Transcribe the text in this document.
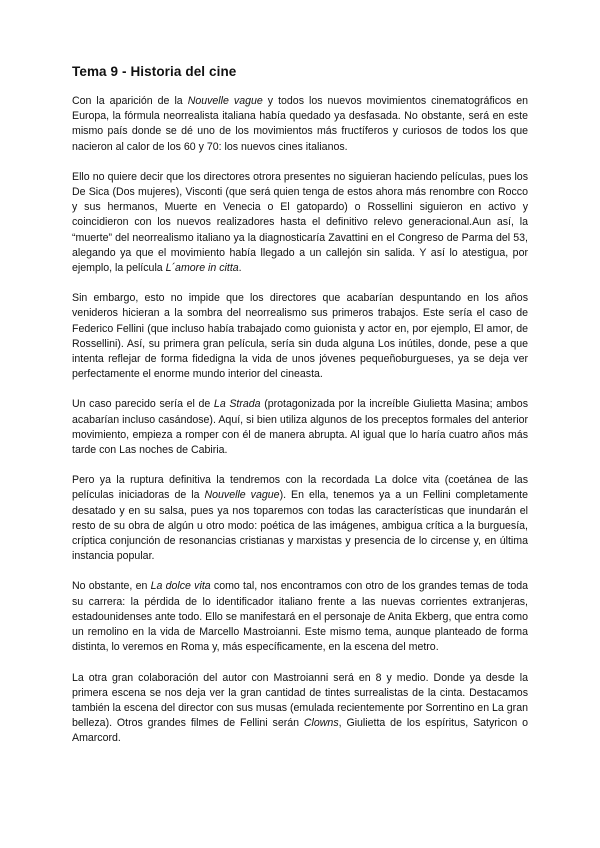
Tema 9 - Historia del cine

Con la aparición de la Nouvelle vague y todos los nuevos movimientos cinematográficos en Europa, la fórmula neorrealista italiana había quedado ya desfasada. No obstante, será en este mismo país donde se dé uno de los movimientos más fructíferos y curiosos de todos los que nacieron al calor de los 60 y 70: los nuevos cines italianos.

Ello no quiere decir que los directores otrora presentes no siguieran haciendo películas, pues los De Sica (Dos mujeres), Visconti (que será quien tenga de estos ahora más renombre con Rocco y sus hermanos, Muerte en Venecia o El gatopardo) o Rossellini siguieron en activo y coincidieron con los nuevos realizadores hasta el definitivo relevo generacional.Aun así, la “muerte” del neorrealismo italiano ya la diagnosticaría Zavattini en el Congreso de Parma del 53, alegando ya que el movimiento había llegado a un callejón sin salida. Y así lo atestigua, por ejemplo, la película L´amore in citta.

Sin embargo, esto no impide que los directores que acabarían despuntando en los años venideros hicieran a la sombra del neorrealismo sus primeros trabajos. Este sería el caso de Federico Fellini (que incluso había trabajado como guionista y actor en, por ejemplo, El amor, de Rossellini). Así, su primera gran película, sería sin duda alguna Los inútiles, donde, pese a que intenta reflejar de forma fidedigna la vida de unos jóvenes pequeñoburgueses, ya se deja ver perfectamente el enorme mundo interior del cineasta.

Un caso parecido sería el de La Strada (protagonizada por la increíble Giulietta Masina; ambos acabarían incluso casándose). Aquí, si bien utiliza algunos de los preceptos formales del anterior movimiento, empieza a romper con él de manera abrupta. Al igual que lo haría cuatro años más tarde con Las noches de Cabiria.

Pero ya la ruptura definitiva la tendremos con la recordada La dolce vita (coetánea de las películas iniciadoras de la Nouvelle vague). En ella, tenemos ya a un Fellini completamente desatado y en su salsa, pues ya nos toparemos con todas las características que inundarán el resto de su obra de algún u otro modo: poética de las imágenes, ambigua crítica a la burguesía, críptica conjunción de resonancias cristianas y marxistas y presencia de lo circense y, en última instancia popular.

No obstante, en La dolce vita como tal, nos encontramos con otro de los grandes temas de toda su carrera: la pérdida de lo identificador italiano frente a las nuevas corrientes extranjeras, estadounidenses ante todo. Ello se manifestará en el personaje de Anita Ekberg, que entra como un remolino en la vida de Marcello Mastroianni. Este mismo tema, aunque planteado de forma distinta, lo veremos en Roma y, más específicamente, en la escena del metro.

La otra gran colaboración del autor con Mastroianni será en 8 y medio. Donde ya desde la primera escena se nos deja ver la gran cantidad de tintes surrealistas de la cinta. Destacamos también la escena del director con sus musas (emulada recientemente por Sorrentino en La gran belleza). Otros grandes filmes de Fellini serán Clowns, Giulietta de los espíritus, Satyricon o Amarcord.
